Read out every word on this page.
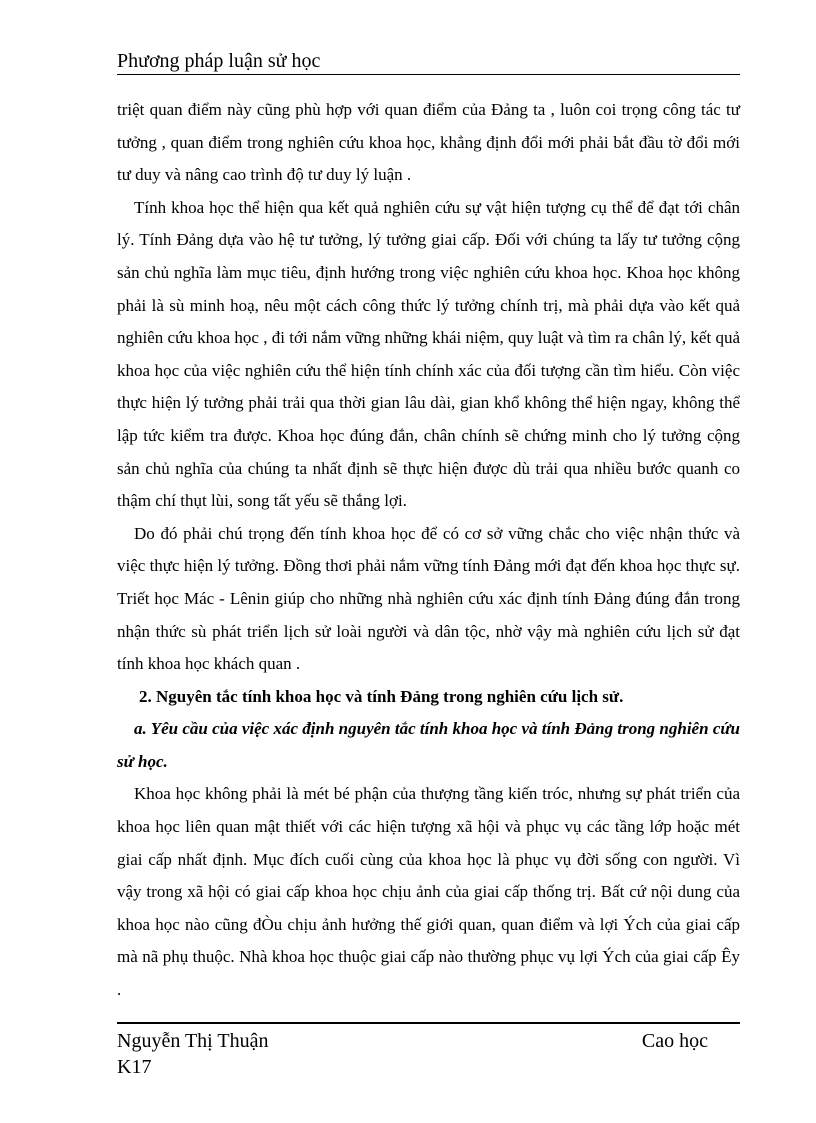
Phương pháp luận sử học

triệt quan điểm này cũng phù hợp với quan điểm của Đảng ta , luôn coi trọng công tác tư tưởng , quan điểm trong nghiên cứu khoa học, khẳng định đổi mới phải bắt đầu tờ đổi mới tư duy và nâng cao trình độ tư duy lý luận .

Tính khoa học thể hiện qua kết quả nghiên cứu sự vật hiện tượng cụ thể để đạt tới chân lý. Tính Đảng dựa vào hệ tư tưởng, lý tưởng giai cấp. Đối với chúng ta lấy tư tưởng cộng sản chủ nghĩa làm mục tiêu, định hướng trong việc nghiên cứu khoa học. Khoa học không phải là sù minh hoạ, nêu một cách công thức lý tưởng chính trị, mà phải dựa vào kết quả nghiên cứu khoa học , đi tới nắm vững những khái niệm, quy luật và tìm ra chân lý, kết quả khoa học của việc nghiên cứu thể hiện tính chính xác của đối tượng cần tìm hiểu. Còn việc thực hiện lý tưởng phải trải qua thời gian lâu dài, gian khổ không thể hiện ngay, không thể lập tức kiểm tra được. Khoa học đúng đắn, chân chính sẽ chứng minh cho lý tưởng cộng sản chủ nghĩa của chúng ta nhất định sẽ thực hiện được dù trải qua nhiều bước quanh co thậm chí thụt lùi, song tất yếu sẽ thắng lợi.

Do đó phải chú trọng đến tính khoa học để có cơ sở vững chắc cho việc nhận thức và việc thực hiện lý tưởng. Đồng thơi phải nắm vững tính Đảng mới đạt đến khoa học thực sự. Triết học Mác - Lênin giúp cho những nhà nghiên cứu xác định tính Đảng đúng đắn trong nhận thức sù phát triển lịch sử loài người và dân tộc, nhờ vậy mà nghiên cứu lịch sử đạt tính khoa học khách quan .

2. Nguyên tắc tính khoa học và tính Đảng trong nghiên cứu lịch sử.

a. Yêu cầu của việc xác định nguyên tắc tính khoa học và tính Đảng trong nghiên cứu sử học.

Khoa học không phải là mét bé phận của thượng tầng kiến tróc, nhưng sự phát triển của khoa học liên quan mật thiết với các hiện tượng xã hội và phục vụ các tầng lớp hoặc mét giai cấp nhất định. Mục đích cuối cùng của khoa học là phục vụ đời sống con người. Vì vậy trong xã hội có giai cấp khoa học chịu ảnh của giai cấp thống trị. Bất cứ nội dung của khoa học nào cũng đÒu chịu ảnh hưởng thế giới quan, quan điểm và lợi Ých của giai cấp mà nã phụ thuộc. Nhà khoa học thuộc giai cấp nào thường phục vụ lợi Ých của giai cấp Êy .

Nguyễn Thị Thuận	Cao học
K17
